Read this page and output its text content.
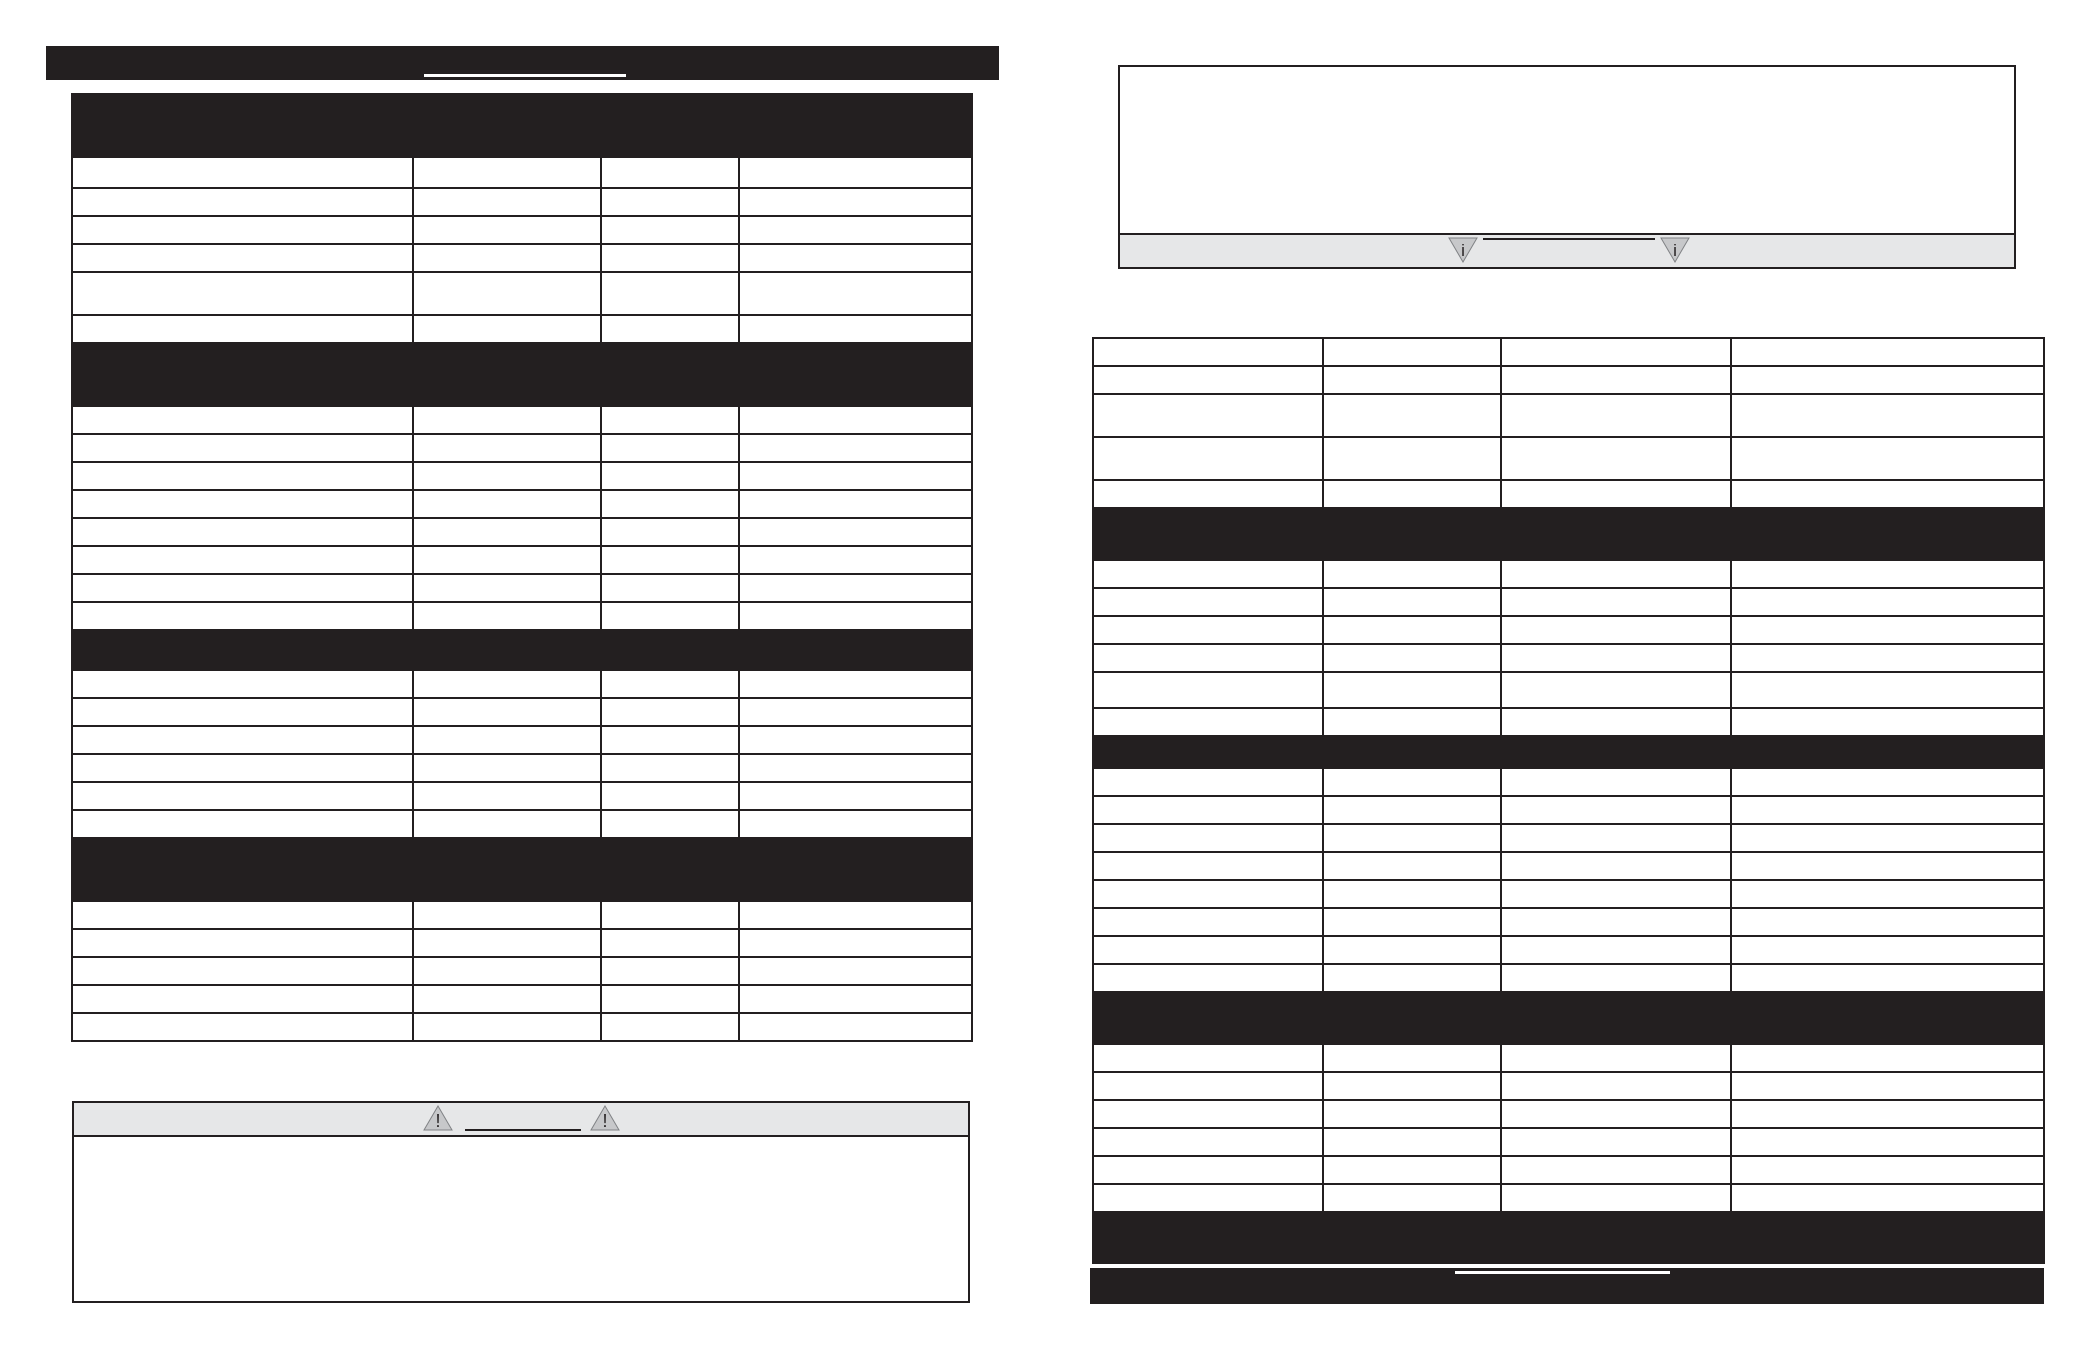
!	!
i	i
